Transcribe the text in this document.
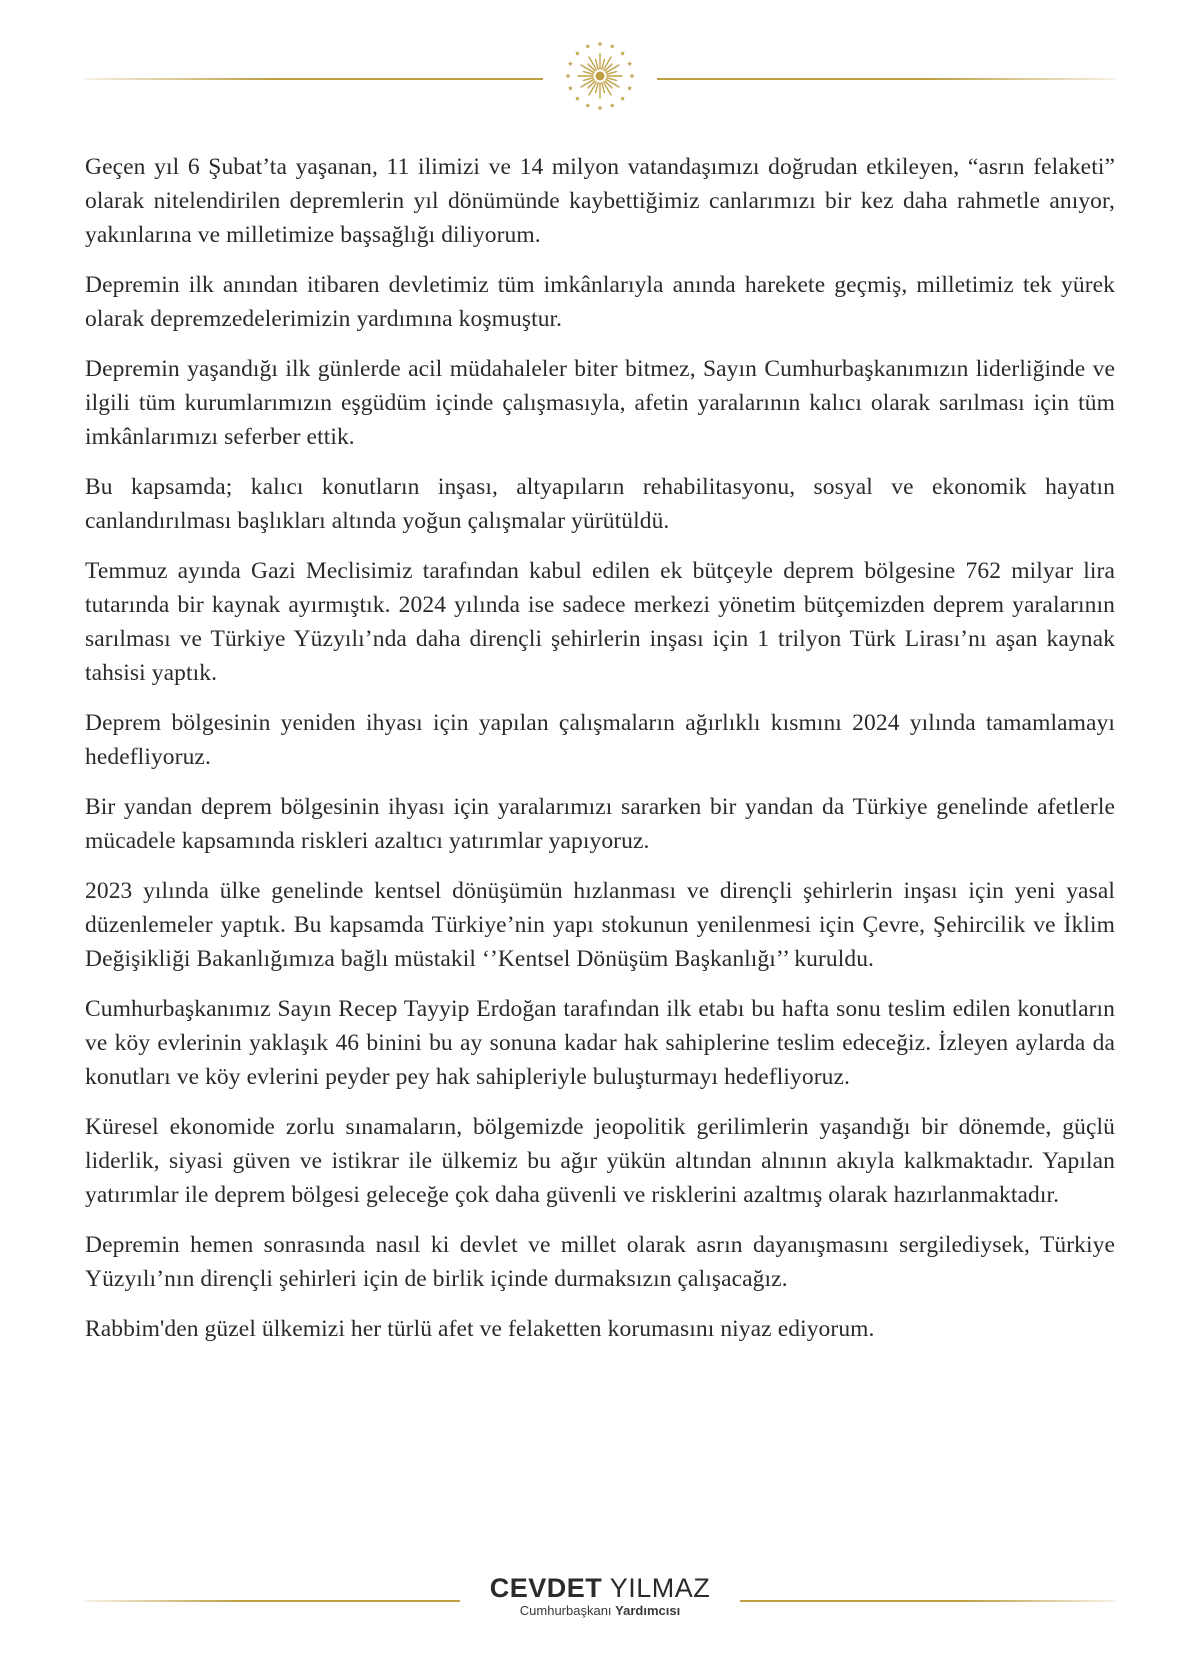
Geçen yıl 6 Şubat’ta yaşanan, 11 ilimizi ve 14 milyon vatandaşımızı doğrudan etkileyen, “asrın felaketi” olarak nitelendirilen depremlerin yıl dönümünde kaybettiğimiz canlarımızı bir kez daha rahmetle anıyor, yakınlarına ve milletimize başsağlığı diliyorum.

Depremin ilk anından itibaren devletimiz tüm imkânlarıyla anında harekete geçmiş, milletimiz tek yürek olarak depremzedelerimizin yardımına koşmuştur.

Depremin yaşandığı ilk günlerde acil müdahaleler biter bitmez, Sayın Cumhurbaşkanımızın liderliğinde ve ilgili tüm kurumlarımızın eşgüdüm içinde çalışmasıyla, afetin yaralarının kalıcı olarak sarılması için tüm imkânlarımızı seferber ettik.

Bu kapsamda; kalıcı konutların inşası, altyapıların rehabilitasyonu, sosyal ve ekonomik hayatın canlandırılması başlıkları altında yoğun çalışmalar yürütüldü.

Temmuz ayında Gazi Meclisimiz tarafından kabul edilen ek bütçeyle deprem bölgesine 762 milyar lira tutarında bir kaynak ayırmıştık. 2024 yılında ise sadece merkezi yönetim bütçemizden deprem yaralarının sarılması ve Türkiye Yüzyılı’nda daha dirençli şehirlerin inşası için 1 trilyon Türk Lirası’nı aşan kaynak tahsisi yaptık.

Deprem bölgesinin yeniden ihyası için yapılan çalışmaların ağırlıklı kısmını 2024 yılında tamamlamayı hedefliyoruz.

Bir yandan deprem bölgesinin ihyası için yaralarımızı sararken bir yandan da Türkiye genelinde afetlerle mücadele kapsamında riskleri azaltıcı yatırımlar yapıyoruz.

2023 yılında ülke genelinde kentsel dönüşümün hızlanması ve dirençli şehirlerin inşası için yeni yasal düzenlemeler yaptık. Bu kapsamda Türkiye’nin yapı stokunun yenilenmesi için Çevre, Şehircilik ve İklim Değişikliği Bakanlığımıza bağlı müstakil ‘’Kentsel Dönüşüm Başkanlığı’’ kuruldu.

Cumhurbaşkanımız Sayın Recep Tayyip Erdoğan tarafından ilk etabı bu hafta sonu teslim edilen konutların ve köy evlerinin yaklaşık 46 binini bu ay sonuna kadar hak sahiplerine teslim edeceğiz. İzleyen aylarda da konutları ve köy evlerini peyder pey hak sahipleriyle buluşturmayı hedefliyoruz.

Küresel ekonomide zorlu sınamaların, bölgemizde jeopolitik gerilimlerin yaşandığı bir dönemde, güçlü liderlik, siyasi güven ve istikrar ile ülkemiz bu ağır yükün altından alnının akıyla kalkmaktadır. Yapılan yatırımlar ile deprem bölgesi geleceğe çok daha güvenli ve risklerini azaltmış olarak hazırlanmaktadır.

Depremin hemen sonrasında nasıl ki devlet ve millet olarak asrın dayanışmasını sergilediysek, Türkiye Yüzyılı’nın dirençli şehirleri için de birlik içinde durmaksızın çalışacağız.

Rabbim'den güzel ülkemizi her türlü afet ve felaketten korumasını niyaz ediyorum.

CEVDET YILMAZ
Cumhurbaşkanı Yardımcısı
